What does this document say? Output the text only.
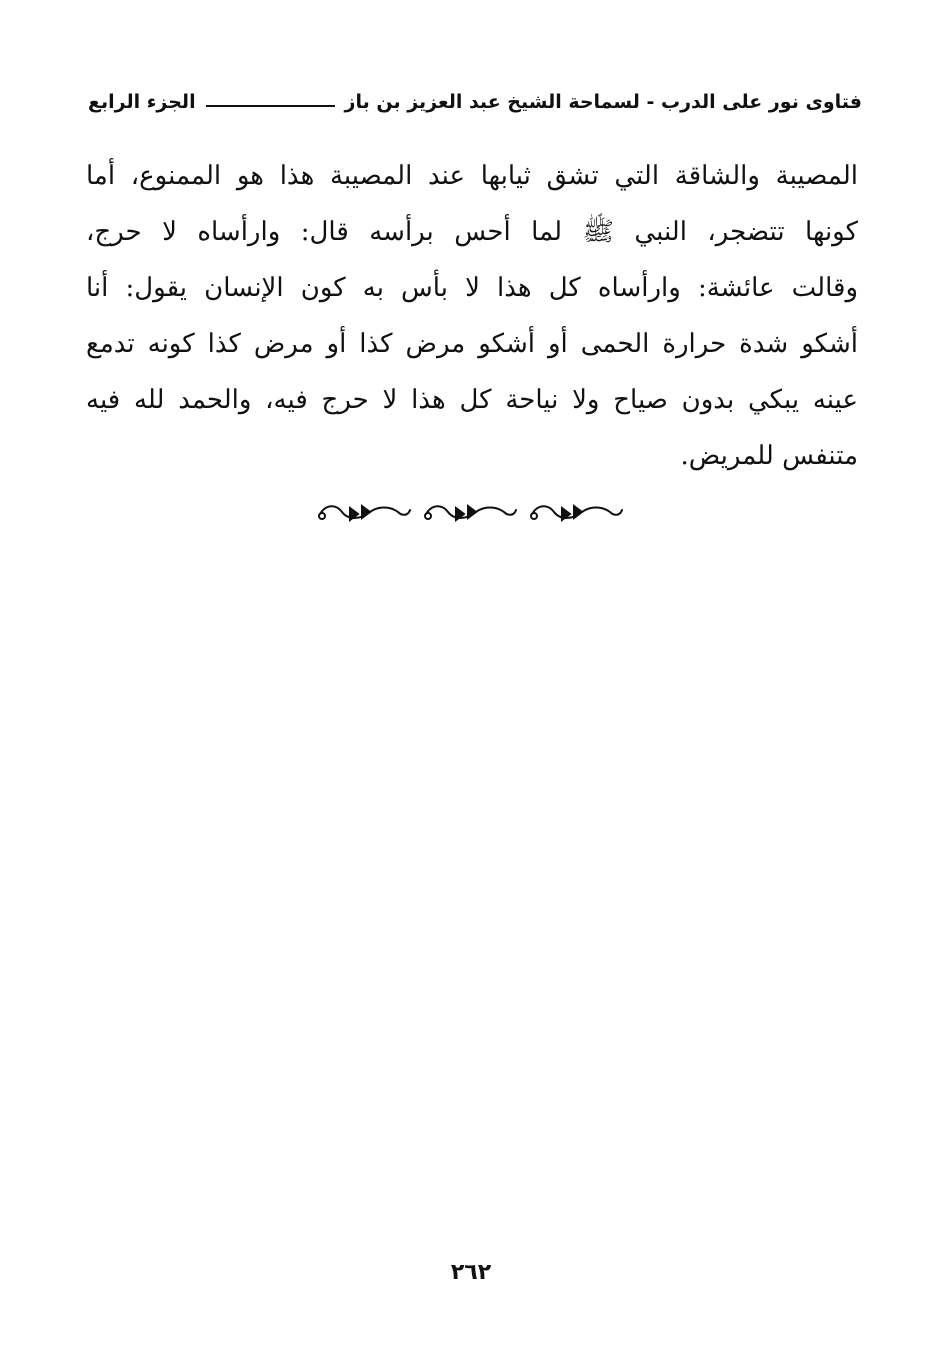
فتاوى نور على الدرب - لسماحة الشيخ عبد العزيز بن باز
الجزء الرابع
المصيبة والشاقة التي تشق ثيابها عند المصيبة هذا هو الممنوع، أما
كونها تتضجر، النبي ﷺ لما أحس برأسه قال: وارأساه لا حرج،
وقالت عائشة: وارأساه كل هذا لا بأس به كون الإنسان يقول: أنا
أشكو شدة حرارة الحمى أو أشكو مرض كذا أو مرض كذا كونه تدمع
عينه يبكي بدون صياح ولا نياحة كل هذا لا حرج فيه، والحمد لله فيه
متنفس للمريض.
٢٦٢
